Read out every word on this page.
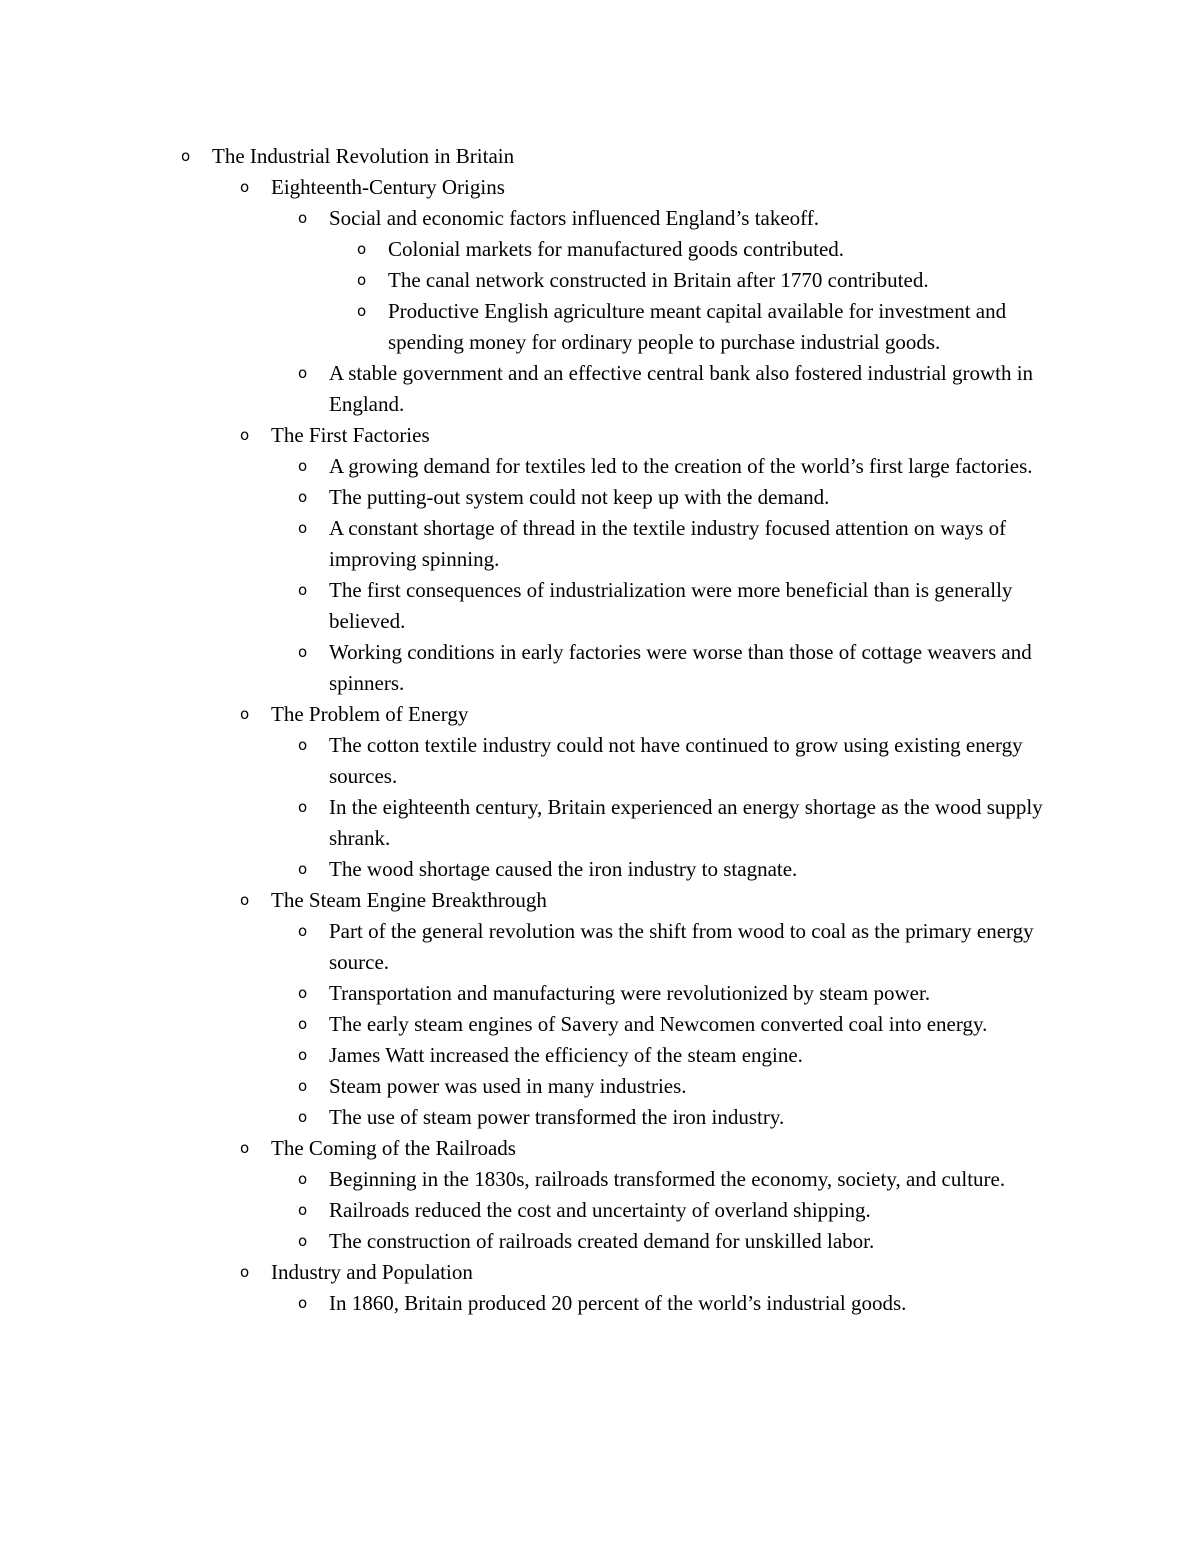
o The Industrial Revolution in Britain
o Eighteenth-Century Origins
o Social and economic factors influenced England’s takeoff.
o Colonial markets for manufactured goods contributed.
o The canal network constructed in Britain after 1770 contributed.
o Productive English agriculture meant capital available for investment and spending money for ordinary people to purchase industrial goods.
o A stable government and an effective central bank also fostered industrial growth in England.
o The First Factories
o A growing demand for textiles led to the creation of the world’s first large factories.
o The putting-out system could not keep up with the demand.
o A constant shortage of thread in the textile industry focused attention on ways of improving spinning.
o The first consequences of industrialization were more beneficial than is generally believed.
o Working conditions in early factories were worse than those of cottage weavers and spinners.
o The Problem of Energy
o The cotton textile industry could not have continued to grow using existing energy sources.
o In the eighteenth century, Britain experienced an energy shortage as the wood supply shrank.
o The wood shortage caused the iron industry to stagnate.
o The Steam Engine Breakthrough
o Part of the general revolution was the shift from wood to coal as the primary energy source.
o Transportation and manufacturing were revolutionized by steam power.
o The early steam engines of Savery and Newcomen converted coal into energy.
o James Watt increased the efficiency of the steam engine.
o Steam power was used in many industries.
o The use of steam power transformed the iron industry.
o The Coming of the Railroads
o Beginning in the 1830s, railroads transformed the economy, society, and culture.
o Railroads reduced the cost and uncertainty of overland shipping.
o The construction of railroads created demand for unskilled labor.
o Industry and Population
o In 1860, Britain produced 20 percent of the world’s industrial goods.
